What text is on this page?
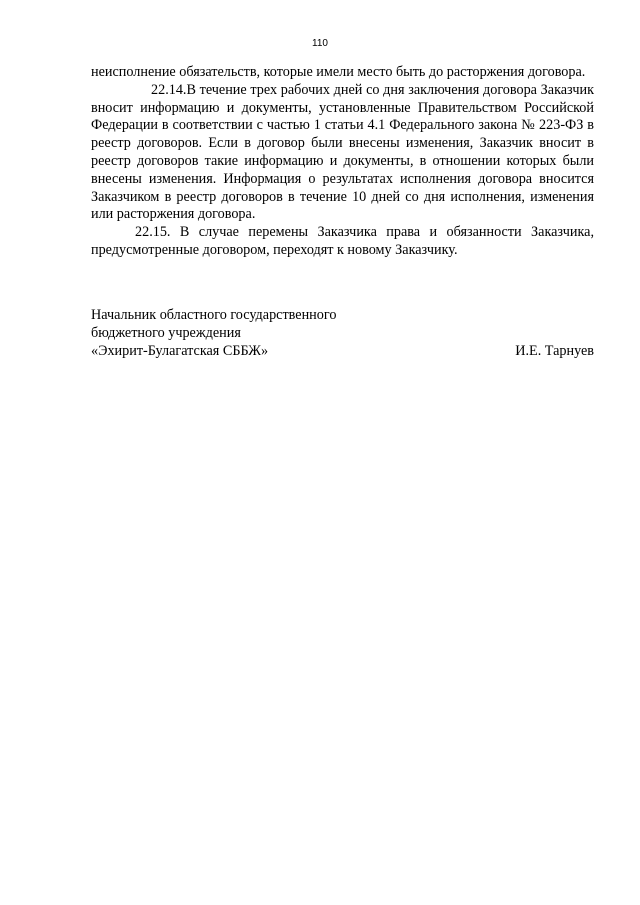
110

неисполнение обязательств, которые имели место быть до расторжения договора.

22.14.В течение трех рабочих дней со дня заключения договора Заказчик вносит информацию и документы, установленные Правительством Российской Федерации в соответствии с частью 1 статьи 4.1 Федерального закона № 223-ФЗ в реестр договоров. Если в договор были внесены изменения, Заказчик вносит в реестр договоров такие информацию и документы, в отношении которых были внесены изменения. Информация о результатах исполнения договора вносится Заказчиком в реестр договоров в течение 10 дней со дня исполнения, изменения или расторжения договора.

22.15. В случае перемены Заказчика права и обязанности Заказчика, предусмотренные договором, переходят к новому Заказчику.

Начальник областного государственного

бюджетного учреждения

«Эхирит-Булагатская СББЖ»	И.Е. Тарнуев
